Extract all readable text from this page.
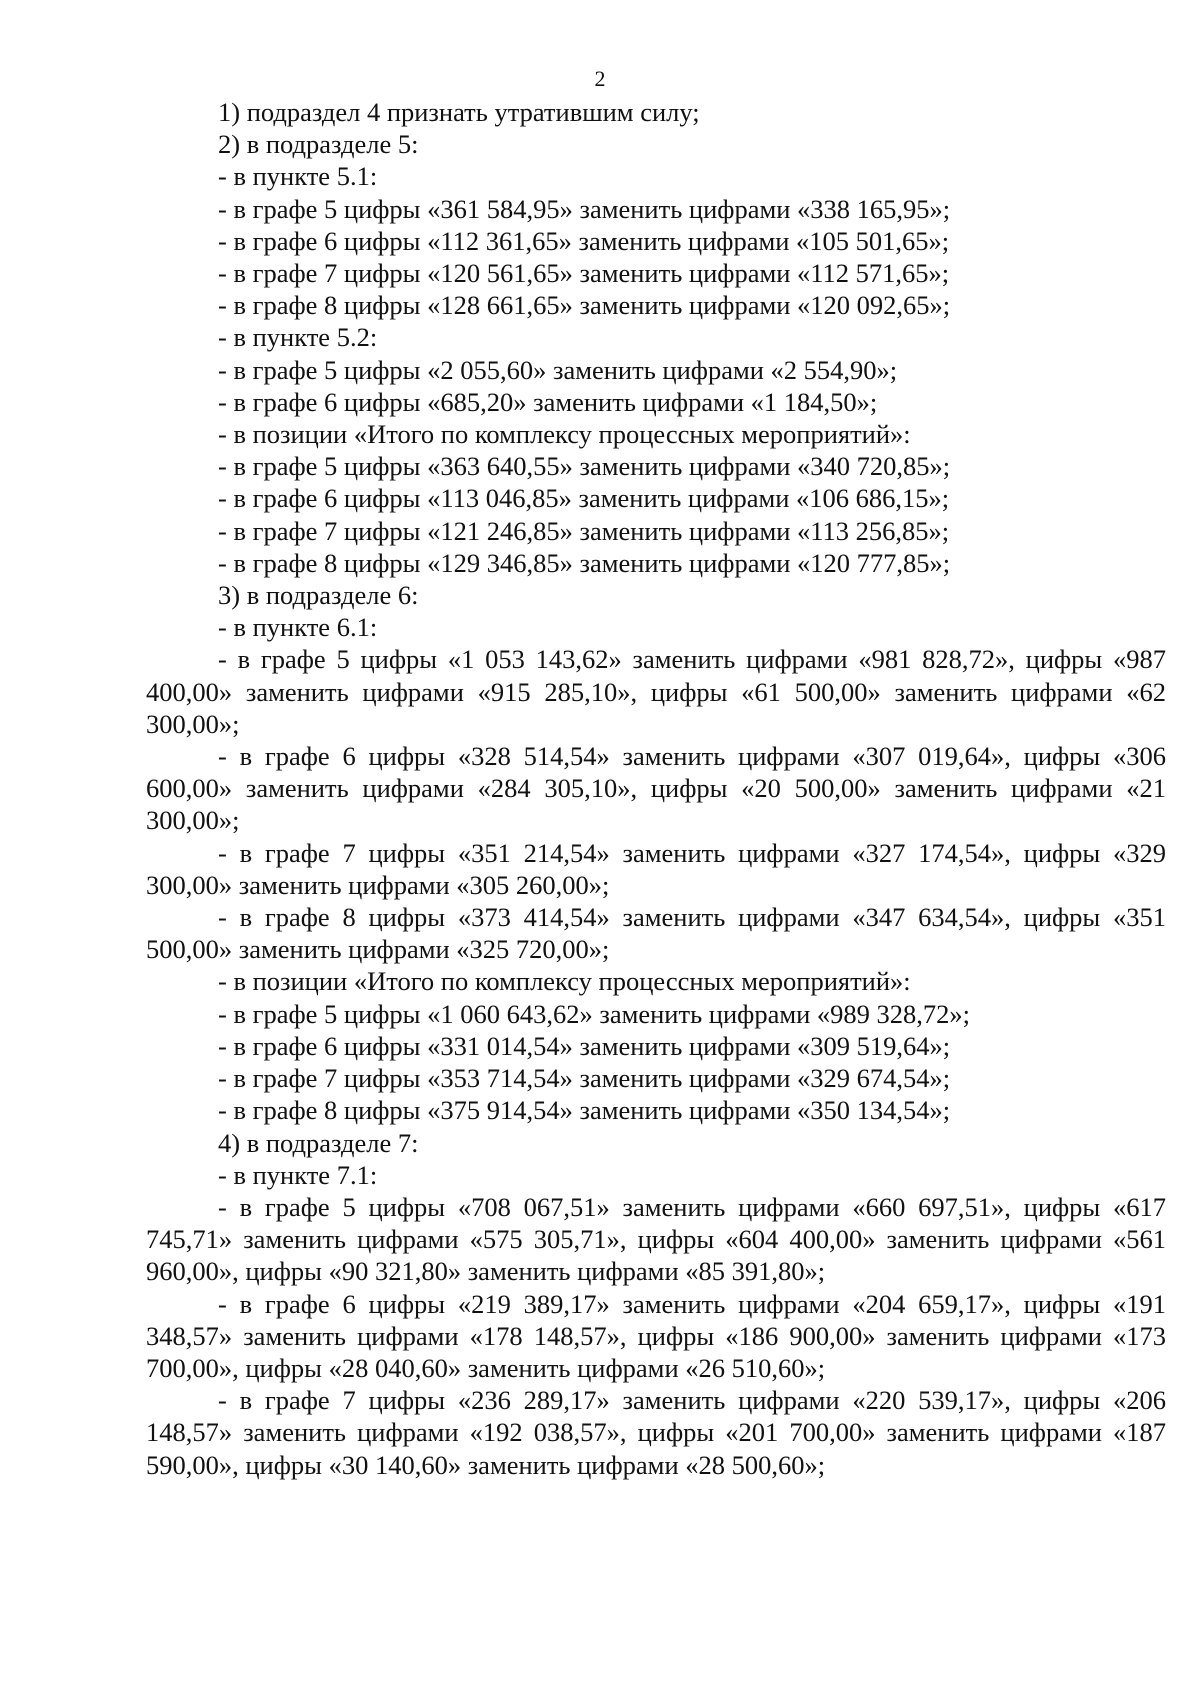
2
1) подраздел 4 признать утратившим силу;
2) в подразделе 5:
- в пункте 5.1:
- в графе 5 цифры «361 584,95» заменить цифрами «338 165,95»;
- в графе 6 цифры «112 361,65» заменить цифрами «105 501,65»;
- в графе 7 цифры «120 561,65» заменить цифрами «112 571,65»;
- в графе 8 цифры «128 661,65» заменить цифрами «120 092,65»;
- в пункте 5.2:
- в графе 5 цифры «2 055,60» заменить цифрами «2 554,90»;
- в графе 6 цифры «685,20» заменить цифрами «1 184,50»;
- в позиции «Итого по комплексу процессных мероприятий»:
- в графе 5 цифры «363 640,55» заменить цифрами «340 720,85»;
- в графе 6 цифры «113 046,85» заменить цифрами «106 686,15»;
- в графе 7 цифры «121 246,85» заменить цифрами «113 256,85»;
- в графе 8 цифры «129 346,85» заменить цифрами «120 777,85»;
3) в подразделе 6:
- в пункте 6.1:
- в графе 5 цифры «1 053 143,62» заменить цифрами «981 828,72», цифры «987 400,00» заменить цифрами «915 285,10», цифры «61 500,00» заменить цифрами «62 300,00»;
- в графе 6 цифры «328 514,54» заменить цифрами «307 019,64», цифры «306 600,00» заменить цифрами «284 305,10», цифры «20 500,00» заменить цифрами «21 300,00»;
- в графе 7 цифры «351 214,54» заменить цифрами «327 174,54», цифры «329 300,00» заменить цифрами «305 260,00»;
- в графе 8 цифры «373 414,54» заменить цифрами «347 634,54», цифры «351 500,00» заменить цифрами «325 720,00»;
- в позиции «Итого по комплексу процессных мероприятий»:
- в графе 5 цифры «1 060 643,62» заменить цифрами «989 328,72»;
- в графе 6 цифры «331 014,54» заменить цифрами «309 519,64»;
- в графе 7 цифры «353 714,54» заменить цифрами «329 674,54»;
- в графе 8 цифры «375 914,54» заменить цифрами «350 134,54»;
4) в подразделе 7:
- в пункте 7.1:
- в графе 5 цифры «708 067,51» заменить цифрами «660 697,51», цифры «617 745,71» заменить цифрами «575 305,71», цифры «604 400,00» заменить цифрами «561 960,00», цифры «90 321,80» заменить цифрами «85 391,80»;
- в графе 6 цифры «219 389,17» заменить цифрами «204 659,17», цифры «191 348,57» заменить цифрами «178 148,57», цифры «186 900,00» заменить цифрами «173 700,00», цифры «28 040,60» заменить цифрами «26 510,60»;
- в графе 7 цифры «236 289,17» заменить цифрами «220 539,17», цифры «206 148,57» заменить цифрами «192 038,57», цифры «201 700,00» заменить цифрами «187 590,00», цифры «30 140,60» заменить цифрами «28 500,60»;
